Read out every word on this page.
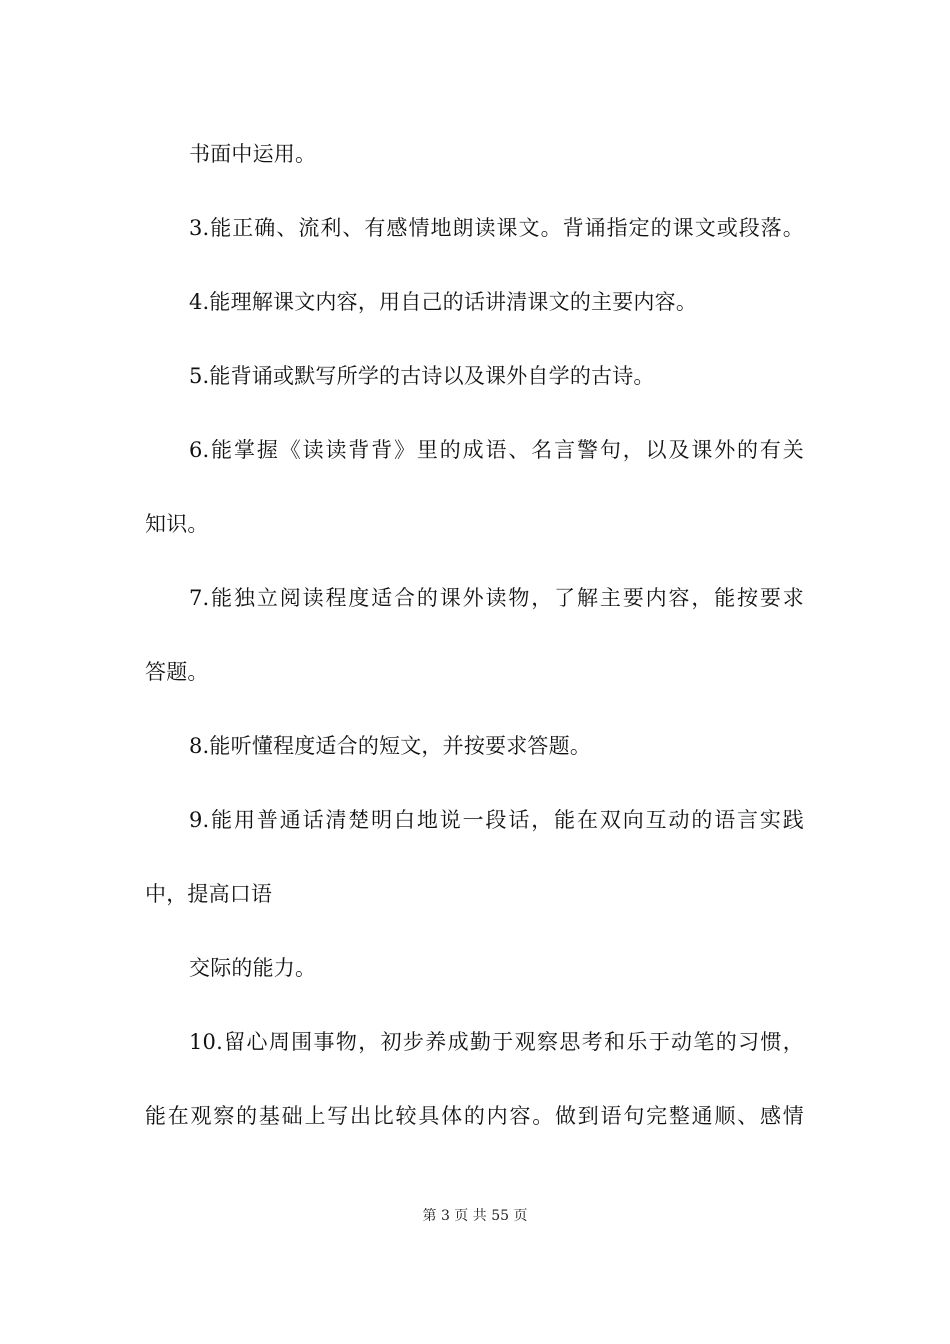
书面中运用。
3.能正确、流利、有感情地朗读课文。背诵指定的课文或段落。
4.能理解课文内容，用自己的话讲清课文的主要内容。
5.能背诵或默写所学的古诗以及课外自学的古诗。
6.能掌握《读读背背》里的成语、名言警句，以及课外的有关
知识。
7.能独立阅读程度适合的课外读物，了解主要内容，能按要求
答题。
8.能听懂程度适合的短文，并按要求答题。
9.能用普通话清楚明白地说一段话，能在双向互动的语言实践
中，提高口语
交际的能力。
10.留心周围事物，初步养成勤于观察思考和乐于动笔的习惯，
能在观察的基础上写出比较具体的内容。做到语句完整通顺、感情
第 3 页 共 55 页
